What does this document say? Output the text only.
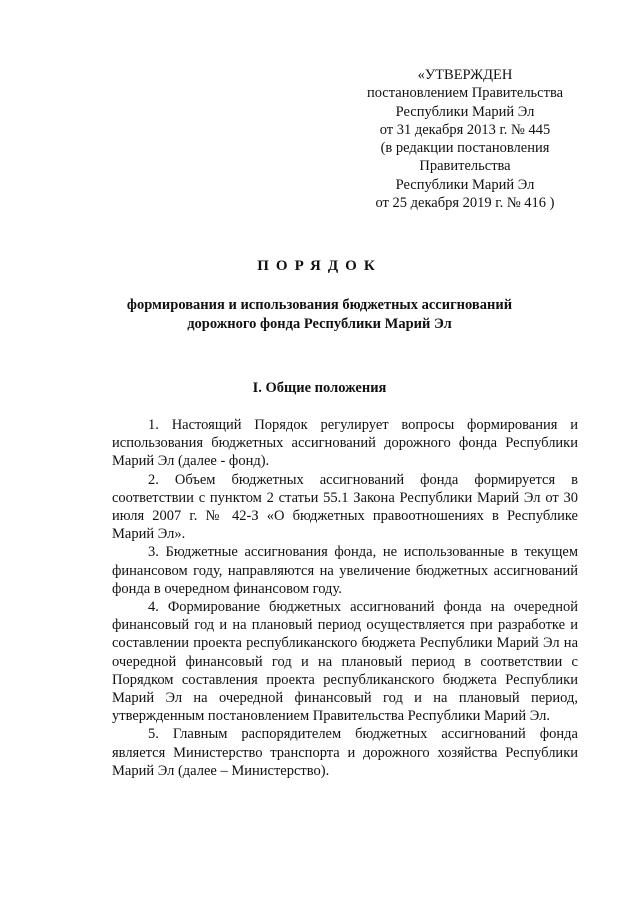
«УТВЕРЖДЕН
постановлением Правительства
Республики Марий Эл
от 31 декабря 2013 г. № 445
(в редакции постановления
Правительства
Республики Марий Эл
от 25 декабря 2019 г. № 416 )
ПОРЯДОК
формирования и использования бюджетных ассигнований
дорожного фонда Республики Марий Эл
I. Общие положения

1. Настоящий Порядок регулирует вопросы формирования и использования бюджетных ассигнований дорожного фонда Республики Марий Эл (далее - фонд).

2. Объем бюджетных ассигнований фонда формируется в соответствии с пунктом 2 статьи 55.1 Закона Республики Марий Эл от 30 июля 2007 г. № 42-З «О бюджетных правоотношениях в Республике Марий Эл».

3. Бюджетные ассигнования фонда, не использованные в текущем финансовом году, направляются на увеличение бюджетных ассигнований фонда в очередном финансовом году.

4. Формирование бюджетных ассигнований фонда на очередной финансовый год и на плановый период осуществляется при разработке и составлении проекта республиканского бюджета Республики Марий Эл на очередной финансовый год и на плановый период в соответствии с Порядком составления проекта республиканского бюджета Республики Марий Эл на очередной финансовый год и на плановый период, утвержденным постановлением Правительства Республики Марий Эл.

5. Главным распорядителем бюджетных ассигнований фонда является Министерство транспорта и дорожного хозяйства Республики Марий Эл (далее – Министерство).
